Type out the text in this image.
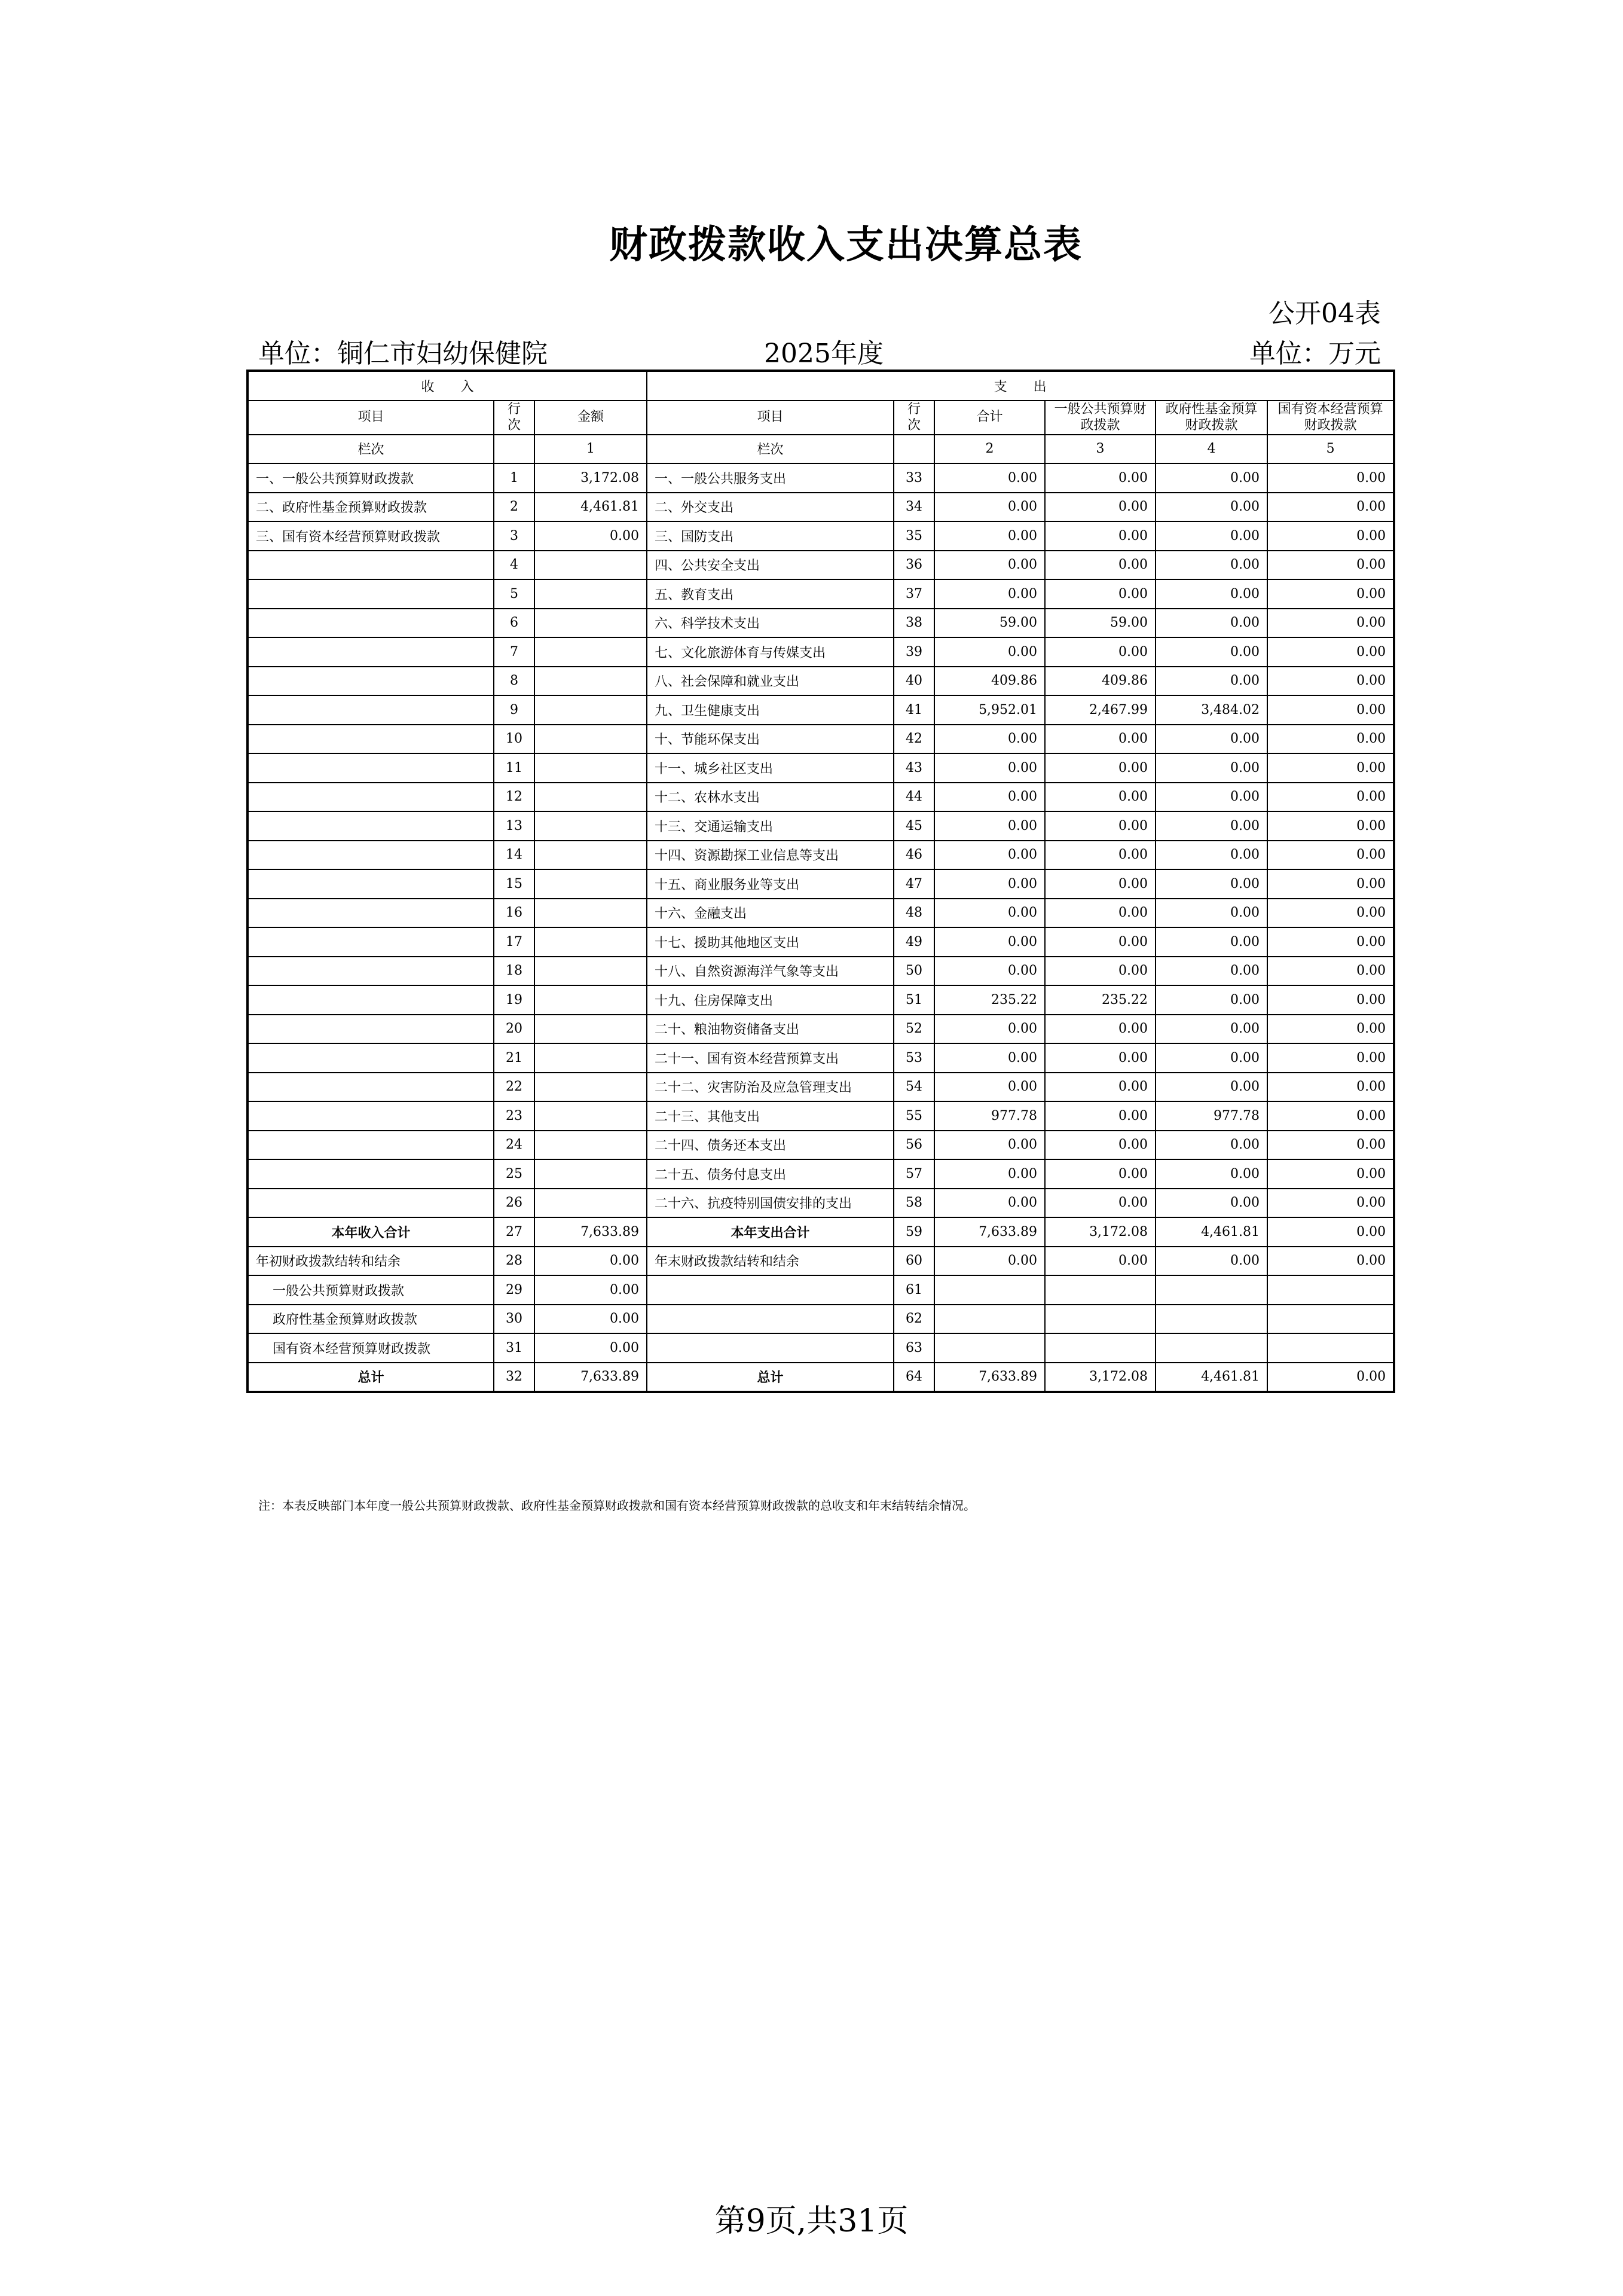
财政拨款收入支出决算总表
公开04表
单位：铜仁市妇幼保健院	2025年度	单位：万元
收　　入			支　　出					
项目	行次	金额	项目	行次	合计	一般公共预算财政拨款	政府性基金预算财政拨款	国有资本经营预算财政拨款
栏次		1	栏次		2	3	4	5
一、一般公共预算财政拨款	1	3,172.08	一、一般公共服务支出	33	0.00	0.00	0.00	0.00
二、政府性基金预算财政拨款	2	4,461.81	二、外交支出	34	0.00	0.00	0.00	0.00
三、国有资本经营预算财政拨款	3	0.00	三、国防支出	35	0.00	0.00	0.00	0.00
	4		四、公共安全支出	36	0.00	0.00	0.00	0.00
	5		五、教育支出	37	0.00	0.00	0.00	0.00
	6		六、科学技术支出	38	59.00	59.00	0.00	0.00
	7		七、文化旅游体育与传媒支出	39	0.00	0.00	0.00	0.00
	8		八、社会保障和就业支出	40	409.86	409.86	0.00	0.00
	9		九、卫生健康支出	41	5,952.01	2,467.99	3,484.02	0.00
	10		十、节能环保支出	42	0.00	0.00	0.00	0.00
	11		十一、城乡社区支出	43	0.00	0.00	0.00	0.00
	12		十二、农林水支出	44	0.00	0.00	0.00	0.00
	13		十三、交通运输支出	45	0.00	0.00	0.00	0.00
	14		十四、资源勘探工业信息等支出	46	0.00	0.00	0.00	0.00
	15		十五、商业服务业等支出	47	0.00	0.00	0.00	0.00
	16		十六、金融支出	48	0.00	0.00	0.00	0.00
	17		十七、援助其他地区支出	49	0.00	0.00	0.00	0.00
	18		十八、自然资源海洋气象等支出	50	0.00	0.00	0.00	0.00
	19		十九、住房保障支出	51	235.22	235.22	0.00	0.00
	20		二十、粮油物资储备支出	52	0.00	0.00	0.00	0.00
	21		二十一、国有资本经营预算支出	53	0.00	0.00	0.00	0.00
	22		二十二、灾害防治及应急管理支出	54	0.00	0.00	0.00	0.00
	23		二十三、其他支出	55	977.78	0.00	977.78	0.00
	24		二十四、债务还本支出	56	0.00	0.00	0.00	0.00
	25		二十五、债务付息支出	57	0.00	0.00	0.00	0.00
	26		二十六、抗疫特别国债安排的支出	58	0.00	0.00	0.00	0.00
本年收入合计	27	7,633.89	本年支出合计	59	7,633.89	3,172.08	4,461.81	0.00
年初财政拨款结转和结余	28	0.00	年末财政拨款结转和结余	60	0.00	0.00	0.00	0.00
一般公共预算财政拨款	29	0.00		61				
政府性基金预算财政拨款	30	0.00		62				
国有资本经营预算财政拨款	31	0.00		63				
总计	32	7,633.89	总计	64	7,633.89	3,172.08	4,461.81	0.00
注：本表反映部门本年度一般公共预算财政拨款、政府性基金预算财政拨款和国有资本经营预算财政拨款的总收支和年末结转结余情况。
第9页,共31页
